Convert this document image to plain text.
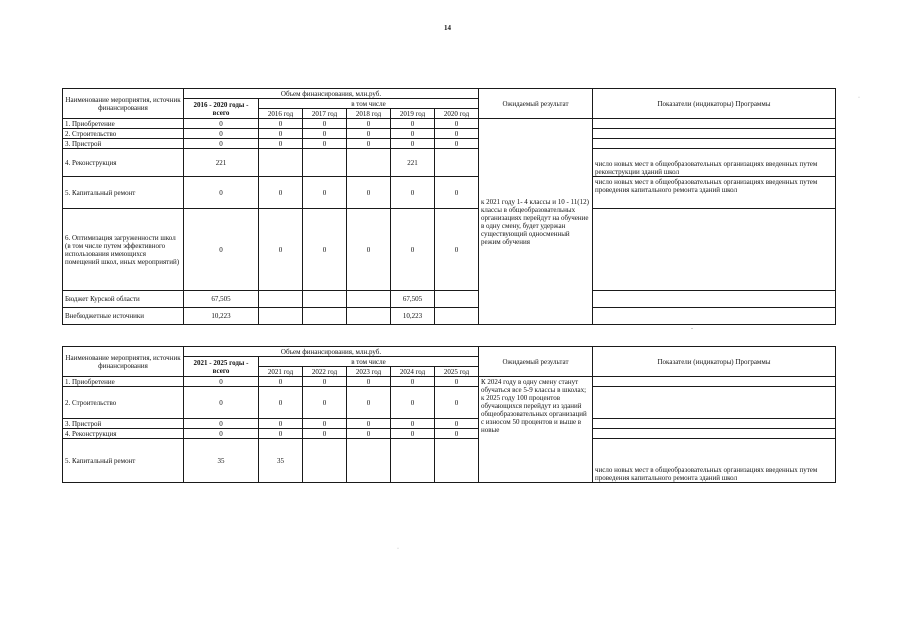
14
Наименование мероприятия, источник финансирования	Объем финансирования, млн.руб.						Ожидаемый результат	Показатели (индикаторы) Программы
	2016 - 2020 годы - всего	в том числе						
		2016 год	2017 год	2018 год	2019 год	2020 год		
1. Приобретение	0	0	0	0	0	0	к 2021 году 1- 4 классы и 10 - 11(12) классы в общеобразовательных организациях перейдут на обучение в одну смену, будет удержан существующий односменный режим обучения	
2. Строительство	0	0	0	0	0	0		
3. Пристрой	0	0	0	0	0	0		
4. Реконструкция	221				221			число новых мест в общеобразовательных организациях введенных путем реконструкции зданий школ
5. Капитальный ремонт	0	0	0	0	0	0		число новых мест в общеобразовательных организациях введенных путем проведения капитального ремонта зданий школ
6. Оптимизация загруженности школ (в том числе путем эффективного использования имеющихся помещений школ, иных мероприятий)	0	0	0	0	0	0		
Бюджет Курской области	67,505				67,505			
Внебюджетные источники	10,223				10,223			
Наименование мероприятия, источник финансирования	Объем финансирования, млн.руб.						Ожидаемый результат	Показатели (индикаторы) Программы
	2021 - 2025 годы - всего	в том числе						
		2021 год	2022 год	2023 год	2024 год	2025 год		
1. Приобретение	0	0	0	0	0	0	К 2024 году в одну смену станут обучаться все 5-9 классы в школах; к 2025 году 100 процентов обучающихся перейдут из зданий общеобразовательных организаций с износом 50 процентов и выше в новые	
2. Строительство	0	0	0	0	0	0		
3. Пристрой	0	0	0	0	0	0		
4. Реконструкция	0	0	0	0	0	0		
5. Капитальный ремонт	35	35						число новых мест в общеобразовательных организациях введенных путем проведения капитального ремонта зданий школ
·
-
·
